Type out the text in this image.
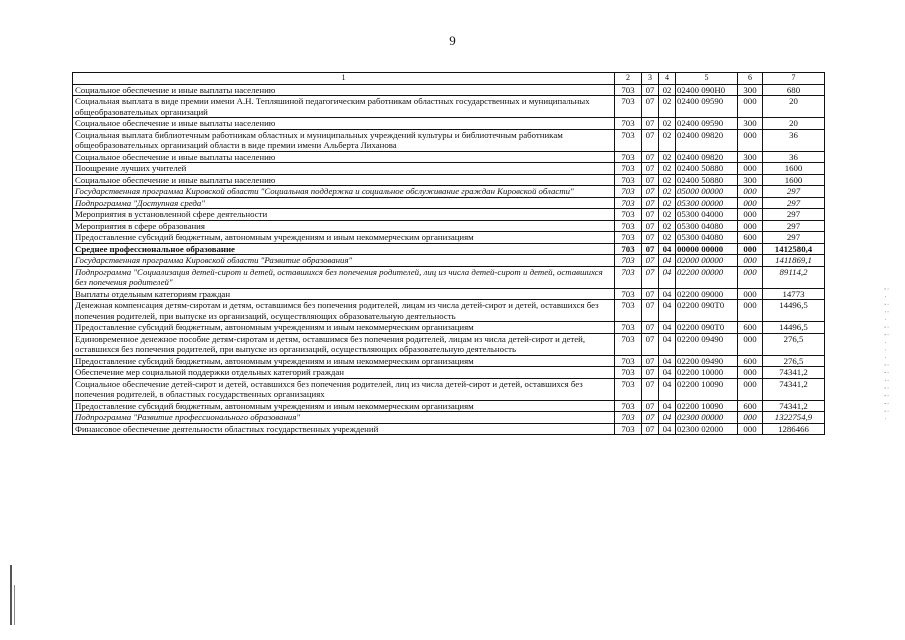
9
1	2	3	4	5	6	7
Социальное обеспечение и иные выплаты населению	703	07	02	02400 090Н0	300	680
Социальная выплата в виде премии имени А.Н. Тепляшиной педагогическим работникам областных государственных и муниципальных общеобразовательных организаций	703	07	02	02400 09590	000	20
Социальное обеспечение и иные выплаты населению	703	07	02	02400 09590	300	20
Социальная выплата библиотечным работникам областных и муниципальных учреждений культуры и библиотечным работникам общеобразовательных организаций области в виде премии имени Альберта Лиханова	703	07	02	02400 09820	000	36
Социальное обеспечение и иные выплаты населению	703	07	02	02400 09820	300	36
Поощрение лучших учителей	703	07	02	02400 50880	000	1600
Социальное обеспечение и иные выплаты населению	703	07	02	02400 50880	300	1600
Государственная программа Кировской области "Социальная поддержка и социальное обслуживание граждан Кировской области"	703	07	02	05000 00000	000	297
Подпрограмма "Доступная среда"	703	07	02	05300 00000	000	297
Мероприятия в установленной сфере деятельности	703	07	02	05300 04000	000	297
Мероприятия в сфере образования	703	07	02	05300 04080	000	297
Предоставление субсидий бюджетным, автономным учреждениям и иным некоммерческим организациям	703	07	02	05300 04080	600	297
Среднее профессиональное образование	703	07	04	00000 00000	000	1412580,4
Государственная программа Кировской области "Развитие образования"	703	07	04	02000 00000	000	1411869,1
Подпрограмма "Социализация детей-сирот и детей, оставшихся без попечения родителей, лиц из числа детей-сирот и детей, оставшихся без попечения родителей"	703	07	04	02200 00000	000	89114,2
Выплаты отдельным категориям граждан	703	07	04	02200 09000	000	14773
Денежная компенсация детям-сиротам и детям, оставшимся без попечения родителей, лицам из числа детей-сирот и детей, оставшихся без попечения родителей, при выпуске из организаций, осуществляющих образовательную деятельность	703	07	04	02200 090Т0	000	14496,5
Предоставление субсидий бюджетным, автономным учреждениям и иным некоммерческим организациям	703	07	04	02200 090Т0	600	14496,5
Единовременное денежное пособие детям-сиротам и детям, оставшимся без попечения родителей, лицам из числа детей-сирот и детей, оставшихся без попечения родителей, при выпуске из организаций, осуществляющих образовательную деятельность	703	07	04	02200 09490	000	276,5
Предоставление субсидий бюджетным, автономным учреждениям и иным некоммерческим организациям	703	07	04	02200 09490	600	276,5
Обеспечение мер социальной поддержки отдельных категорий граждан	703	07	04	02200 10000	000	74341,2
Социальное обеспечение детей-сирот и детей, оставшихся без попечения родителей, лиц из числа детей-сирот и детей, оставшихся без попечения родителей, в областных государственных организациях	703	07	04	02200 10090	000	74341,2
Предоставление субсидий бюджетным, автономным учреждениям и иным некоммерческим организациям	703	07	04	02200 10090	600	74341,2
Подпрограмма "Развитие профессионального образования"	703	07	04	02300 00000	000	1322754,9
Финансовое обеспечение деятельности областных государственных учреждений	703	07	04	02300 02000	000	1286466
; . ; : . ; ; . . . ; ; : ; ; ; ; .
